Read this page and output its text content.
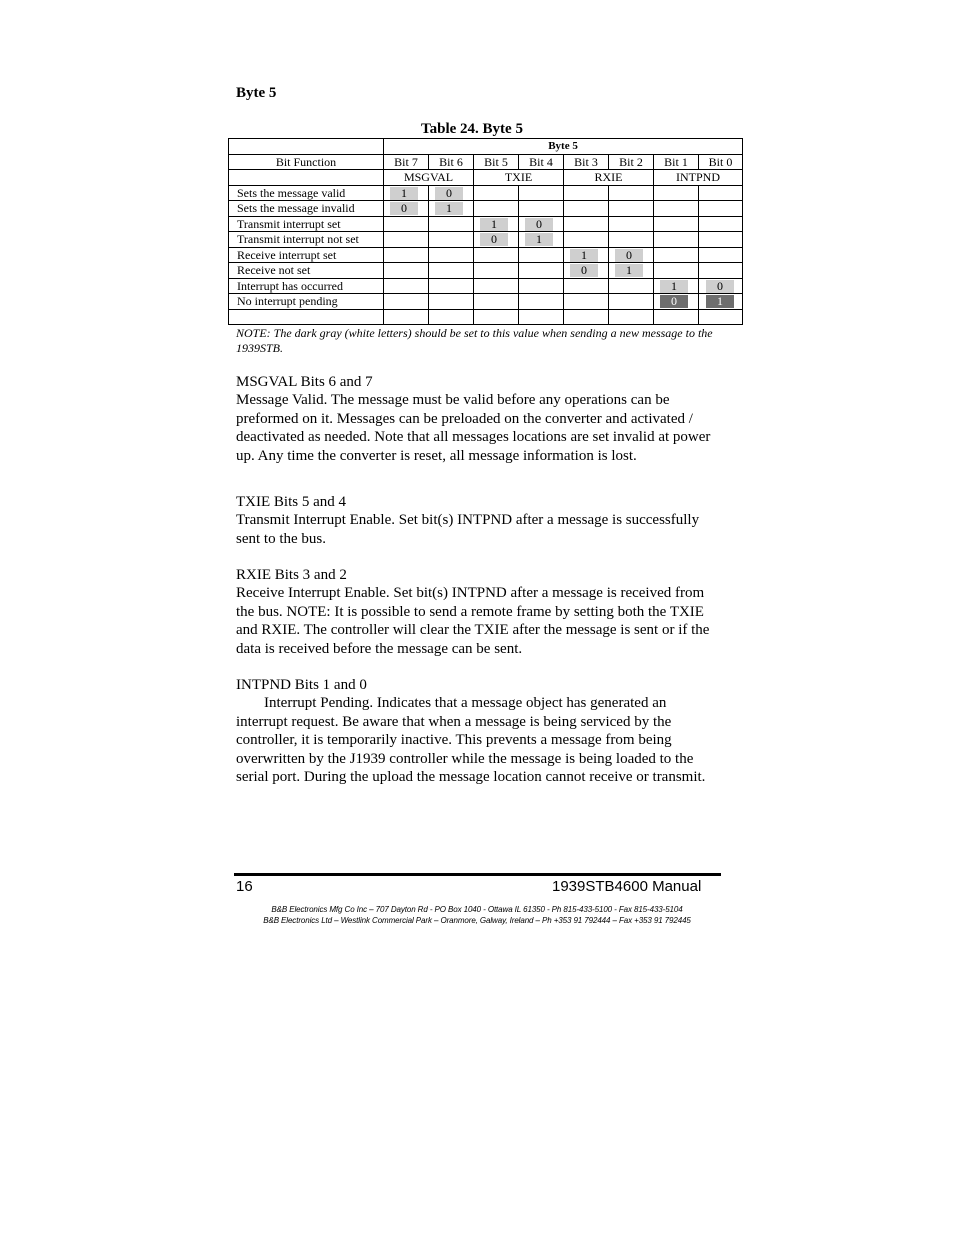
Byte 5
Table 24. Byte 5
	Byte 5							
Bit Function	Bit 7	Bit 6	Bit 5	Bit 4	Bit 3	Bit 2	Bit 1	Bit 0
	MSGVAL		TXIE		RXIE		INTPND	
Sets the message valid	1	0						

Sets the message invalid	0	1						

Transmit interrupt set			1	0				

Transmit interrupt not set			0	1				

Receive interrupt set					1	0		

Receive not set					0	1		

Interrupt has occurred							1	0

No interrupt pending							0	1

NOTE: The dark gray (white letters) should be set to this value when sending a new message to the 1939STB.
MSGVAL Bits 6 and 7
Message Valid. The message must be valid before any operations can be preformed on it. Messages can be preloaded on the converter and activated / deactivated as needed. Note that all messages locations are set invalid at power up. Any time the converter is reset, all message information is lost.
TXIE Bits 5 and 4
Transmit Interrupt Enable. Set bit(s) INTPND after a message is successfully sent to the bus.
RXIE Bits 3 and 2
Receive Interrupt Enable. Set bit(s) INTPND after a message is received from the bus. NOTE: It is possible to send a remote frame by setting both the TXIE and RXIE. The controller will clear the TXIE after the message is sent or if the data is received before the message can be sent.
INTPND Bits 1 and 0
Interrupt Pending. Indicates that a message object has generated an interrupt request. Be aware that when a message is being serviced by the controller, it is temporarily inactive. This prevents a message from being overwritten by the J1939 controller while the message is being loaded to the serial port. During the upload the message location cannot receive or transmit.
16	1939STB4600 Manual
B&B Electronics Mfg Co Inc – 707 Dayton Rd - PO Box 1040 - Ottawa IL 61350 - Ph 815-433-5100 - Fax 815-433-5104
B&B Electronics Ltd – Westlink Commercial Park – Oranmore, Galway, Ireland – Ph +353 91 792444 – Fax +353 91 792445
